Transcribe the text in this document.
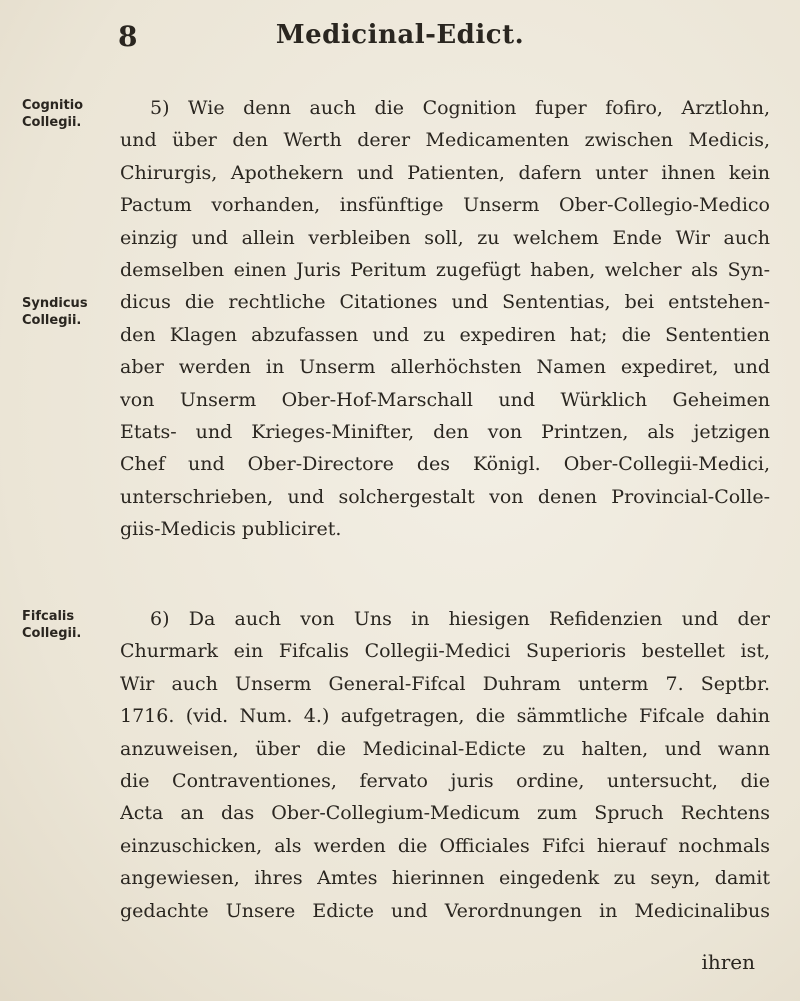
8	Medicinal-Edict.
Cognitio
Collegii.
Syndicus
Collegii.
Fifcalis
Collegii.
5) Wie denn auch die Cognition fuper fofiro, Arztlohn,
und über den Werth derer Medicamenten zwischen Medicis,
Chirurgis, Apothekern und Patienten, dafern unter ihnen kein
Pactum vorhanden, insfünftige Unserm Ober-Collegio-Medico
einzig und allein verbleiben soll, zu welchem Ende Wir auch
demselben einen Juris Peritum zugefügt haben, welcher als Syn-
dicus die rechtliche Citationes und Sententias, bei entstehen-
den Klagen abzufassen und zu expediren hat; die Sententien
aber werden in Unserm allerhöchsten Namen expediret, und
von Unserm Ober-Hof-Marschall und Würklich Geheimen
Etats- und Krieges-Minifter, den von Printzen, als jetzigen
Chef und Ober-Directore des Königl. Ober-Collegii-Medici,
unterschrieben, und solchergestalt von denen Provincial-Colle-
giis-Medicis publiciret.
6) Da auch von Uns in hiesigen Refidenzien und der
Churmark ein Fifcalis Collegii-Medici Superioris bestellet ist,
Wir auch Unserm General-Fifcal Duhram unterm 7. Septbr.
1716. (vid. Num. 4.) aufgetragen, die sämmtliche Fifcale dahin
anzuweisen, über die Medicinal-Edicte zu halten, und wann
die Contraventiones, fervato juris ordine, untersucht, die
Acta an das Ober-Collegium-Medicum zum Spruch Rechtens
einzuschicken, als werden die Officiales Fifci hierauf nochmals
angewiesen, ihres Amtes hierinnen eingedenk zu seyn, damit
gedachte Unsere Edicte und Verordnungen in Medicinalibus
ihren
